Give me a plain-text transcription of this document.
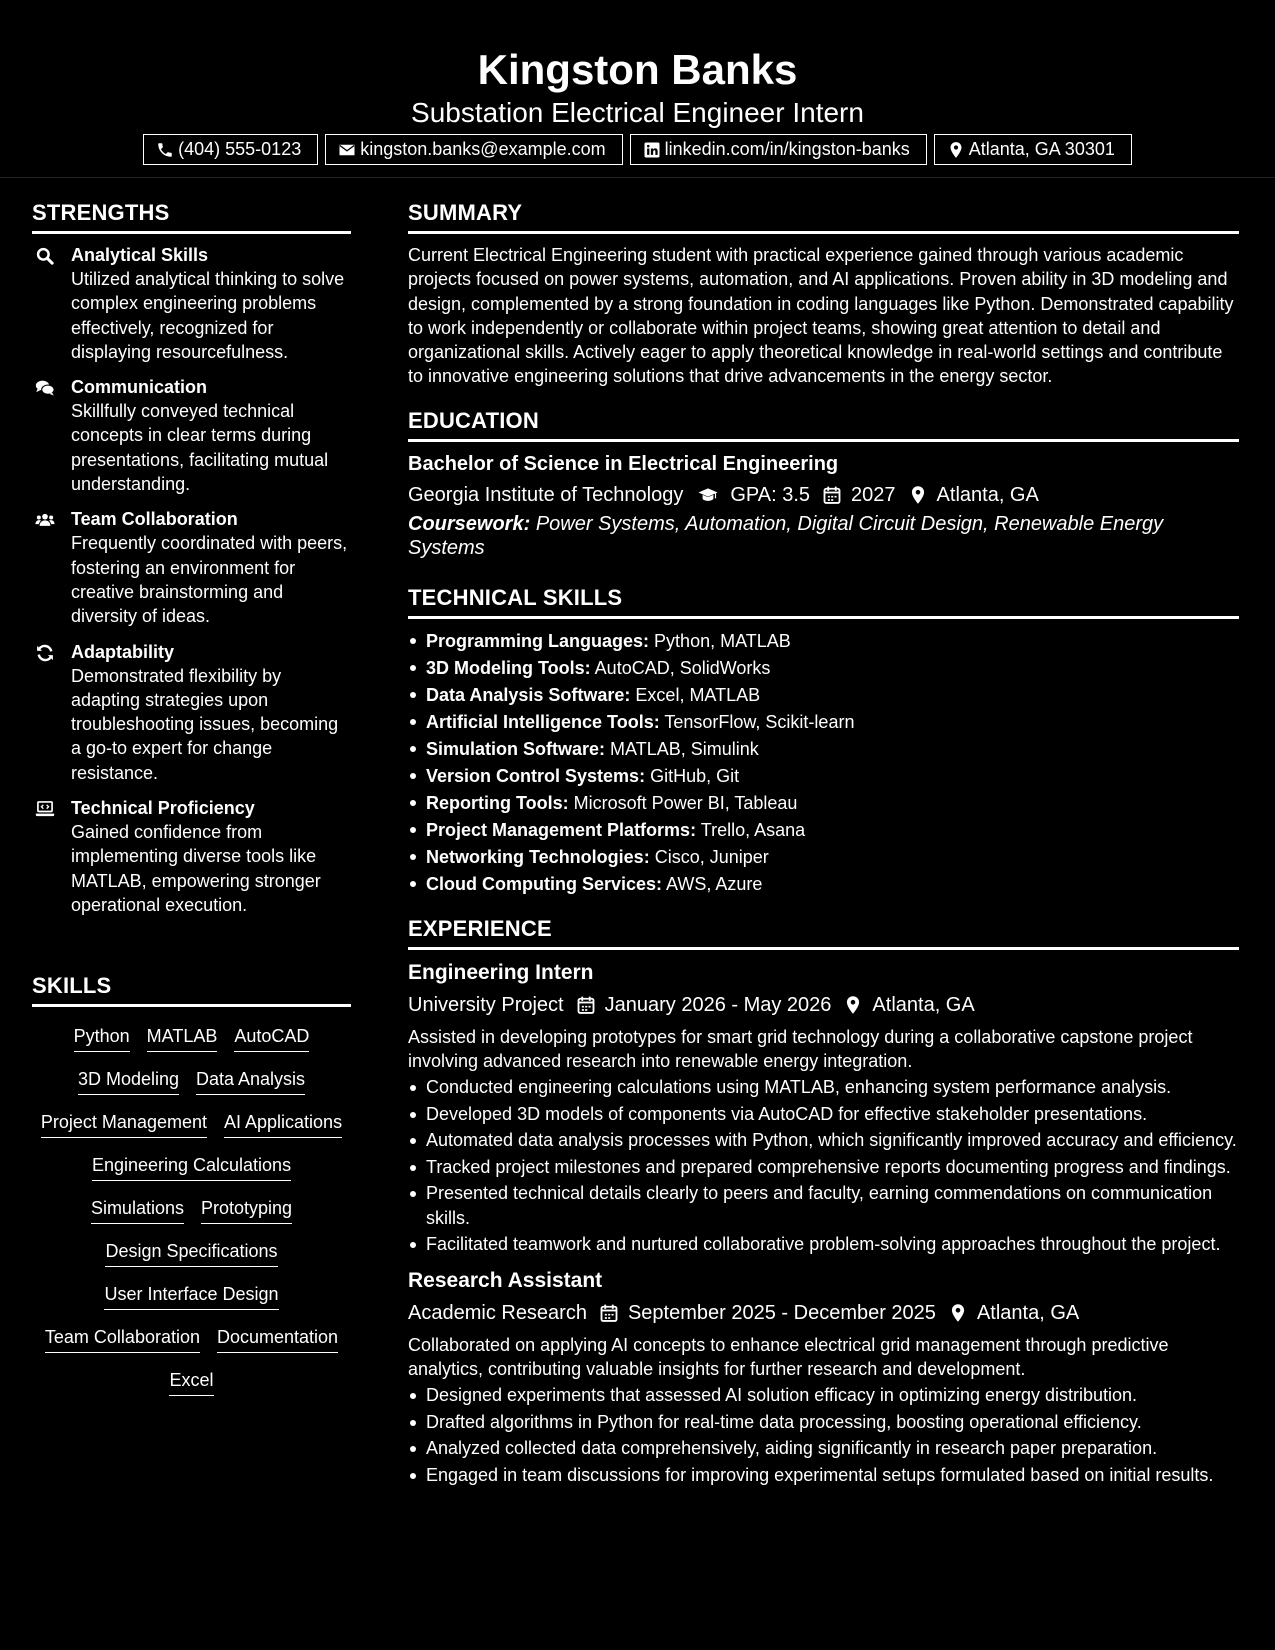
Kingston Banks
Substation Electrical Engineer Intern
(404) 555-0123	kingston.banks@example.com	linkedin.com/in/kingston-banks	Atlanta, GA 30301
STRENGTHS
Analytical Skills
Utilized analytical thinking to solve complex engineering problems effectively, recognized for displaying resourcefulness.
Communication
Skillfully conveyed technical concepts in clear terms during presentations, facilitating mutual understanding.
Team Collaboration
Frequently coordinated with peers, fostering an environment for creative brainstorming and diversity of ideas.
Adaptability
Demonstrated flexibility by adapting strategies upon troubleshooting issues, becoming a go-to expert for change resistance.
Technical Proficiency
Gained confidence from implementing diverse tools like MATLAB, empowering stronger operational execution.
SKILLS
Python MATLAB AutoCAD
3D Modeling Data Analysis
Project Management AI Applications
Engineering Calculations
Simulations Prototyping
Design Specifications
User Interface Design
Team Collaboration Documentation
Excel
SUMMARY

Current Electrical Engineering student with practical experience gained through various academic projects focused on power systems, automation, and AI applications. Proven ability in 3D modeling and design, complemented by a strong foundation in coding languages like Python. Demonstrated capability to work independently or collaborate within project teams, showing great attention to detail and organizational skills. Actively eager to apply theoretical knowledge in real-world settings and contribute to innovative engineering solutions that drive advancements in the energy sector.

EDUCATION
Bachelor of Science in Electrical Engineering
Georgia Institute of Technology GPA: 3.5 2027 Atlanta, GA
Coursework: Power Systems, Automation, Digital Circuit Design, Renewable Energy Systems
TECHNICAL SKILLS
Programming Languages: Python, MATLAB
3D Modeling Tools: AutoCAD, SolidWorks
Data Analysis Software: Excel, MATLAB
Artificial Intelligence Tools: TensorFlow, Scikit-learn
Simulation Software: MATLAB, Simulink
Version Control Systems: GitHub, Git
Reporting Tools: Microsoft Power BI, Tableau
Project Management Platforms: Trello, Asana
Networking Technologies: Cisco, Juniper
Cloud Computing Services: AWS, Azure
EXPERIENCE
Engineering Intern
University Project January 2026 - May 2026 Atlanta, GA
Assisted in developing prototypes for smart grid technology during a collaborative capstone project involving advanced research into renewable energy integration.
Conducted engineering calculations using MATLAB, enhancing system performance analysis.
Developed 3D models of components via AutoCAD for effective stakeholder presentations.
Automated data analysis processes with Python, which significantly improved accuracy and efficiency.
Tracked project milestones and prepared comprehensive reports documenting progress and findings.
Presented technical details clearly to peers and faculty, earning commendations on communication skills.
Facilitated teamwork and nurtured collaborative problem-solving approaches throughout the project.
Research Assistant
Academic Research September 2025 - December 2025 Atlanta, GA
Collaborated on applying AI concepts to enhance electrical grid management through predictive analytics, contributing valuable insights for further research and development.
Designed experiments that assessed AI solution efficacy in optimizing energy distribution.
Drafted algorithms in Python for real-time data processing, boosting operational efficiency.
Analyzed collected data comprehensively, aiding significantly in research paper preparation.
Engaged in team discussions for improving experimental setups formulated based on initial results.
